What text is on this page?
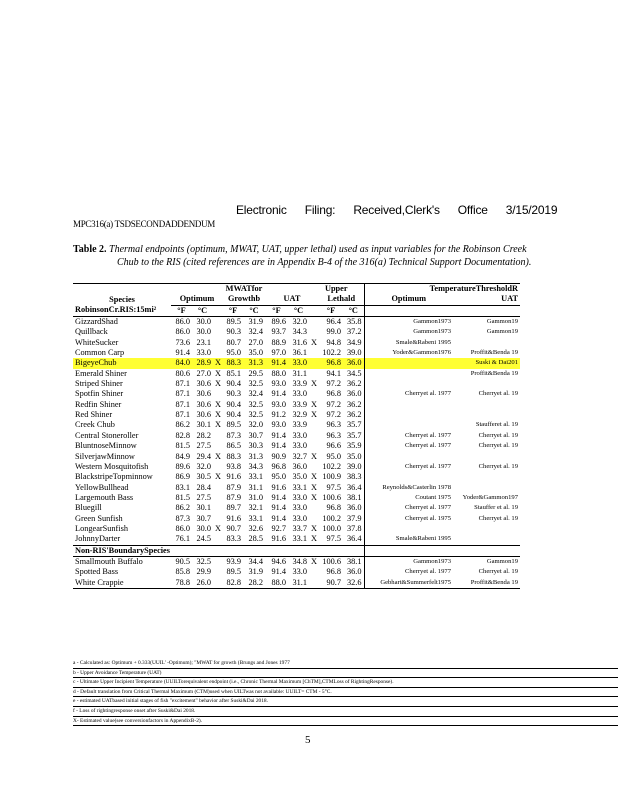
Electronic Filing: Received,Clerk's Office 3/15/2019
MPC316(a) TSDSECONDADDENDUM
Table 2. Thermal endpoints (optimum, MWAT, UAT, upper lethal) used as input variables for the Robinson Creek
Chub to the RIS (cited references are in Appendix B-4 of the 316(a) Technical Support Documentation).
				MWATfor				Upper			TemperatureThresholdR	
Species	Optimum			Growthb		UAT			Lethald		Optimum	UAT
RobinsonCr.RIS:15mi²	°F	°C		°F	°C	°F	°C		°F	°C		
GizzardShad	86.0	30.0		89.5	31.9	89.6	32.0		96.4	35.8	Gammon1973	Gammon19
Quillback	86.0	30.0		90.3	32.4	93.7	34.3		99.0	37.2	Gammon1973	Gammon19
WhiteSucker	73.6	23.1		80.7	27.0	88.9	31.6	X	94.8	34.9	Smale&Rabeni 1995	
Common Carp	91.4	33.0		95.0	35.0	97.0	36.1		102.2	39.0	Yoder&Gammon1976	Proffit&Benda 19
BigeyeChub	84.0	28.9	X	88.3	31.3	91.4	33.0		96.8	36.0		Suski & Dai201
Emerald Shiner	80.6	27.0	X	85.1	29.5	88.0	31.1		94.1	34.5		Proffit&Benda 19
Striped Shiner	87.1	30.6	X	90.4	32.5	93.0	33.9	X	97.2	36.2		
Spotfin Shiner	87.1	30.6		90.3	32.4	91.4	33.0		96.8	36.0	Cherryet al. 1977	Cherryet al. 19
Redfin Shiner	87.1	30.6	X	90.4	32.5	93.0	33.9	X	97.2	36.2		
Red Shiner	87.1	30.6	X	90.4	32.5	91.2	32.9	X	97.2	36.2		
Creek Chub	86.2	30.1	X	89.5	32.0	93.0	33.9		96.3	35.7		Staufferet al. 19
Central Stoneroller	82.8	28.2		87.3	30.7	91.4	33.0		96.3	35.7	Cherryet al. 1977	Cherryet al. 19
BluntnoseMinnow	81.5	27.5		86.5	30.3	91.4	33.0		96.6	35.9	Cherryet al. 1977	Cherryet al. 19
SilverjawMinnow	84.9	29.4	X	88.3	31.3	90.9	32.7	X	95.0	35.0		
Western Mosquitofish	89.6	32.0		93.8	34.3	96.8	36.0		102.2	39.0	Cherryet al. 1977	Cherryet al. 19
BlackstripeTopminnow	86.9	30.5	X	91.6	33.1	95.0	35.0	X	100.9	38.3		
YellowBullhead	83.1	28.4		87.9	31.1	91.6	33.1	X	97.5	36.4	Reynolds&Casterlin 1978	
Largemouth Bass	81.5	27.5		87.9	31.0	91.4	33.0	X	100.6	38.1	Coutant 1975	Yoder&Gammon197
Bluegill	86.2	30.1		89.7	32.1	91.4	33.0		96.8	36.0	Cherryet al. 1977	Stauffer et al. 19
Green Sunfish	87.3	30.7		91.6	33.1	91.4	33.0		100.2	37.9	Cherryet al. 1975	Cherryet al. 19
LongearSunfish	86.0	30.0	X	90.7	32.6	92.7	33.7	X	100.0	37.8		
JohnnyDarter	76.1	24.5		83.3	28.5	91.6	33.1	X	97.5	36.4	Smale&Rabeni 1995	
Non-RIS'BoundarySpecies												
Smallmouth Buffalo	90.5	32.5		93.9	34.4	94.6	34.8	X	100.6	38.1	Gammon1973	Gammon19
Spotted Bass	85.8	29.9		89.5	31.9	91.4	33.0		96.8	36.0	Cherryet al. 1977	Cherryet al. 19
White Crappie	78.8	26.0		82.8	28.2	88.0	31.1		90.7	32.6	Gebhart&Summerfelt1975	Proffit&Benda 19
a - Calculated as: Optimum + 0.333(UUIL' -Optimum); "MWAT for growth (Brungs and Jones 1977
b - Upper Avoidance Temperature (UAT)
c - Ultimate Upper Incipient Temperature (UUILTorequivalent endpoint (i.e., Chronic Thermal Maximum [ChTM],CTMLoss of RightingResponse).
d - Default translation from Critical Thermal Maximum (CTM)used when UILTwas not available: UUILT= CTM - 5°C.
e - estimated UATbased initial stages of fish "excitement" behavior after Suski&Dai 2018.
f - Loss of rightingresponse onset after Suski&Dai 2018.
X- Estimated value(see conversionfactors in AppendixB-2).
5
